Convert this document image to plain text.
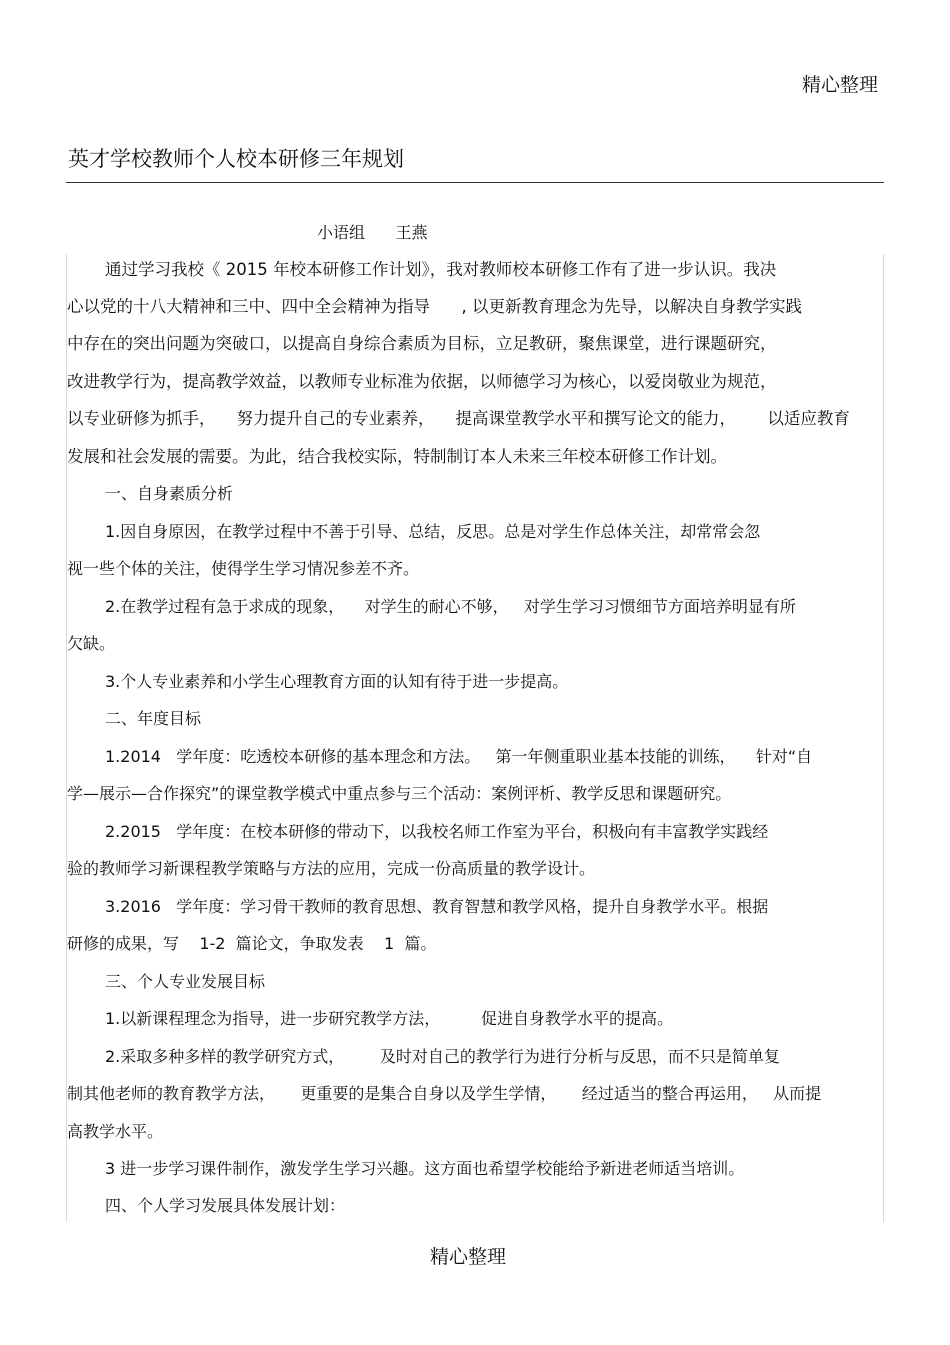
精心整理
英才学校教师个人校本研修三年规划
小语组      王燕
通过学习我校《 2015 年校本研修工作计划》，我对教师校本研修工作有了进一步认识。我决
心以党的十八大精神和三中、四中全会精神为指导      , 以更新教育理念为先导，以解决自身教学实践
中存在的突出问题为突破口，以提高自身综合素质为目标，立足教研，聚焦课堂，进行课题研究，
改进教学行为，提高教学效益，以教师专业标准为依据，以师德学习为核心，以爱岗敬业为规范，
以专业研修为抓手，    努力提升自己的专业素养，    提高课堂教学水平和撰写论文的能力，      以适应教育
发展和社会发展的需要。为此，结合我校实际，特制制订本人未来三年校本研修工作计划。
一、自身素质分析
1.因自身原因，在教学过程中不善于引导、总结，反思。总是对学生作总体关注，却常常会忽
视一些个体的关注，使得学生学习情况参差不齐。
2.在教学过程有急于求成的现象，    对学生的耐心不够，   对学生学习习惯细节方面培养明显有所
欠缺。
3.个人专业素养和小学生心理教育方面的认知有待于进一步提高。
二、年度目标
1.2014   学年度：吃透校本研修的基本理念和方法。   第一年侧重职业基本技能的训练，    针对“自
学—展示—合作探究”的课堂教学模式中重点参与三个活动：案例评析、教学反思和课题研究。
2.2015   学年度：在校本研修的带动下，以我校名师工作室为平台，积极向有丰富教学实践经
验的教师学习新课程教学策略与方法的应用，完成一份高质量的教学设计。
3.2016   学年度：学习骨干教师的教育思想、教育智慧和教学风格，提升自身教学水平。根据
研修的成果，写    1-2  篇论文，争取发表    1  篇。
三、个人专业发展目标
1.以新课程理念为指导，进一步研究教学方法，        促进自身教学水平的提高。
2.采取多种多样的教学研究方式，       及时对自己的教学行为进行分析与反思，而不只是简单复
制其他老师的教育教学方法，     更重要的是集合自身以及学生学情，     经过适当的整合再运用，   从而提
高教学水平。
3 进一步学习课件制作，激发学生学习兴趣。这方面也希望学校能给予新进老师适当培训。
四、个人学习发展具体发展计划：
精心整理
